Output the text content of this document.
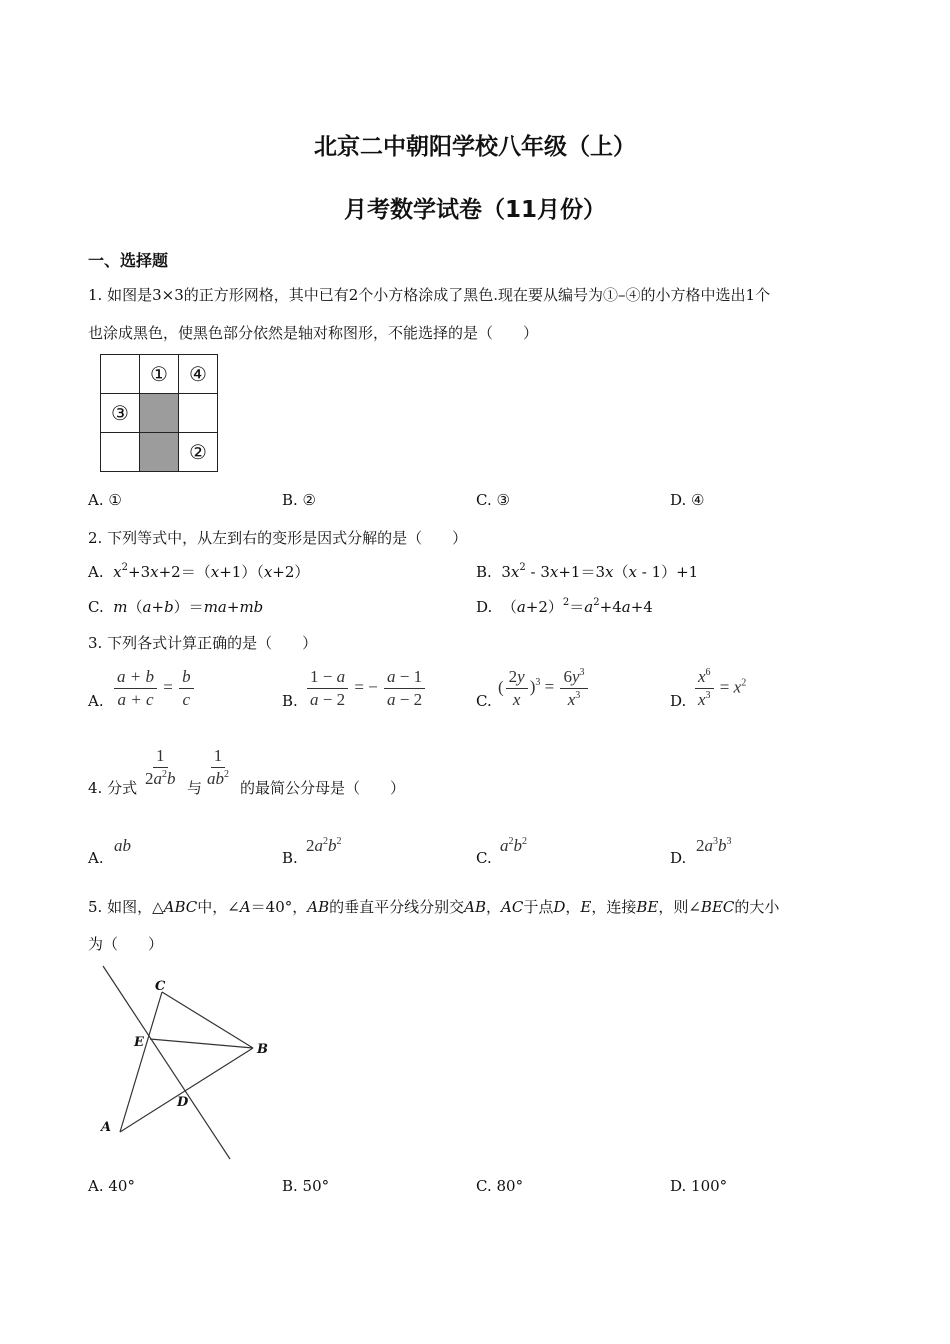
北京二中朝阳学校八年级（上）
月考数学试卷（11月份）
一、选择题
1. 如图是3×3的正方形网格，其中已有2个小方格涂成了黑色.现在要从编号为①–④的小方格中选出1个
也涂成黑色，使黑色部分依然是轴对称图形，不能选择的是（　　）
	①	④
③		
		②
A. ①	B. ②	C. ③	D. ④
2. 下列等式中，从左到右的变形是因式分解的是（　　）
A. $x^2+3x+2=(x+1)(x+2)$	B.  $3x^2 - 3x+1=3x(x - 1)+1$
C. m（a+b）＝ma+mb	D.  $(a+2)^2=a^2+4a+4$
3. 下列各式计算正确的是（　　）
A. $\frac{a + b}{a + c} = \frac{b}{c}$	B. $\frac{1 - a}{a - 2}$ = − $\frac{a - 1}{a - 2}$	C.
( $\frac{2y}{x} )^3 = \frac{6y^3}{x^3}$	D. $\frac{x^6}{x^3} = x^2$
4. 分式 $\frac{1}{2a^2b}$ 与 $\frac{1}{ab^2}$ 的最简公分母是（　　）
A.
ab
B.
$2a^2b^2$
C.
$a^2b^2$
D.
$2a^3b^3$
5. 如图，△ABC中，∠A＝40°，AB的垂直平分线分别交AB，AC于点D，E，连接BE，则∠BEC的大小
为（　　）
C
E	B
D
A
A. 40°	B. 50°	C. 80°	D. 100°
